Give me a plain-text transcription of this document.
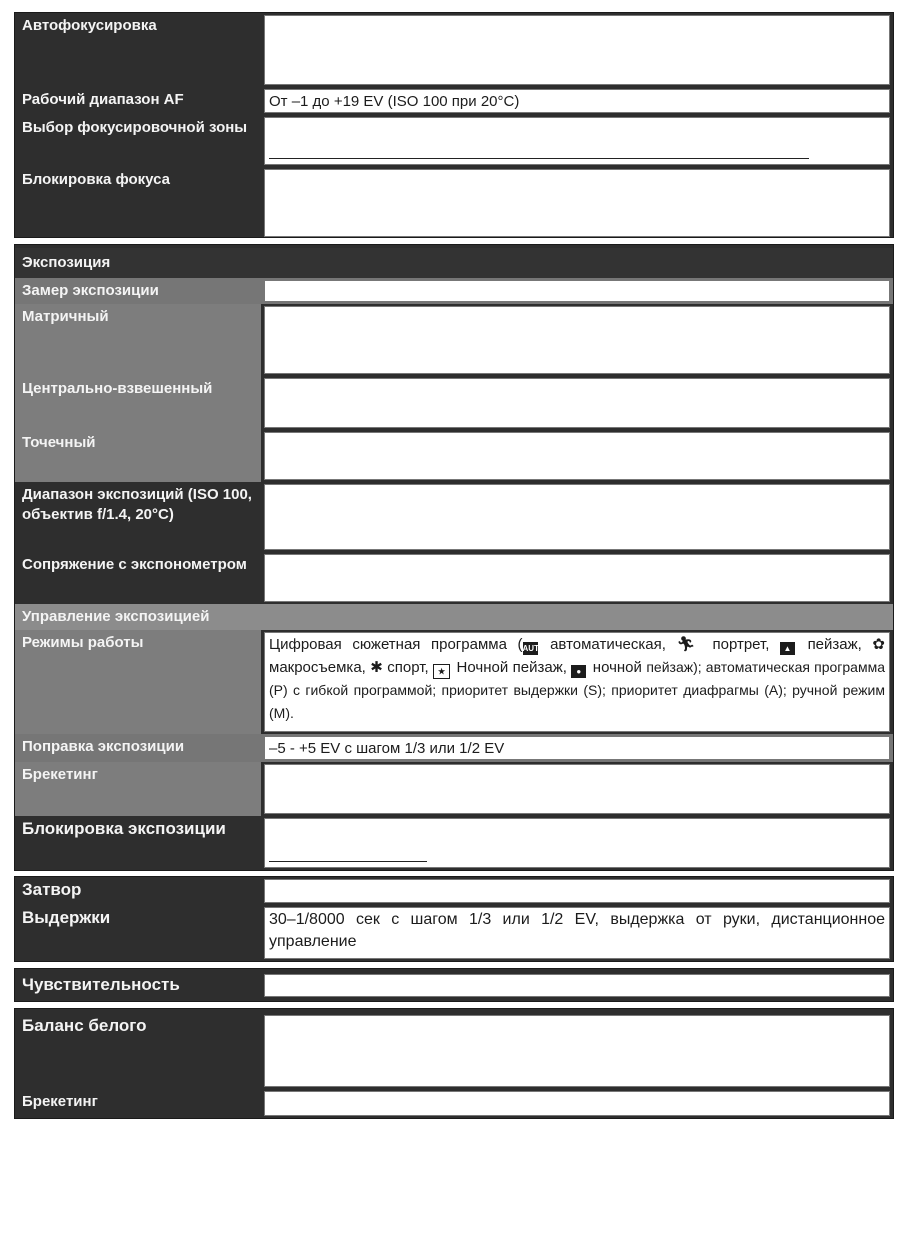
Автофокусировка
Рабочий диапазон AF	От –1 до +19 EV (ISO 100 при 20°C)
Выбор фокусировочной зоны
Блокировка фокуса
Экспозиция
Замер экспозиции
Матричный
Центрально-взвешенный
Точечный
Диапазон экспозиций (ISO 100, объектив f/1.4, 20°C)
Сопряжение с экспонометром
Управление экспозицией
Режимы работы	Цифровая сюжетная программа (AUTO автоматическая, 🏃︎ портрет, ▲ пейзаж, ✿ макросъемка, ✱ спорт, ★ Ночной пейзаж, ● ночной пейзаж); автоматическая программа (P) с гибкой программой; приоритет выдержки (S); приоритет диафрагмы (A); ручной режим (M).
Поправка экспозиции	–5 - +5 EV с шагом 1/3 или 1/2 EV
Брекетинг
Блокировка экспозиции
Затвор
Выдержки	30–1/8000 сек с шагом 1/3 или 1/2 EV, выдержка от руки, дистанционное управление
Чувствительность
Баланс белого
Брекетинг
